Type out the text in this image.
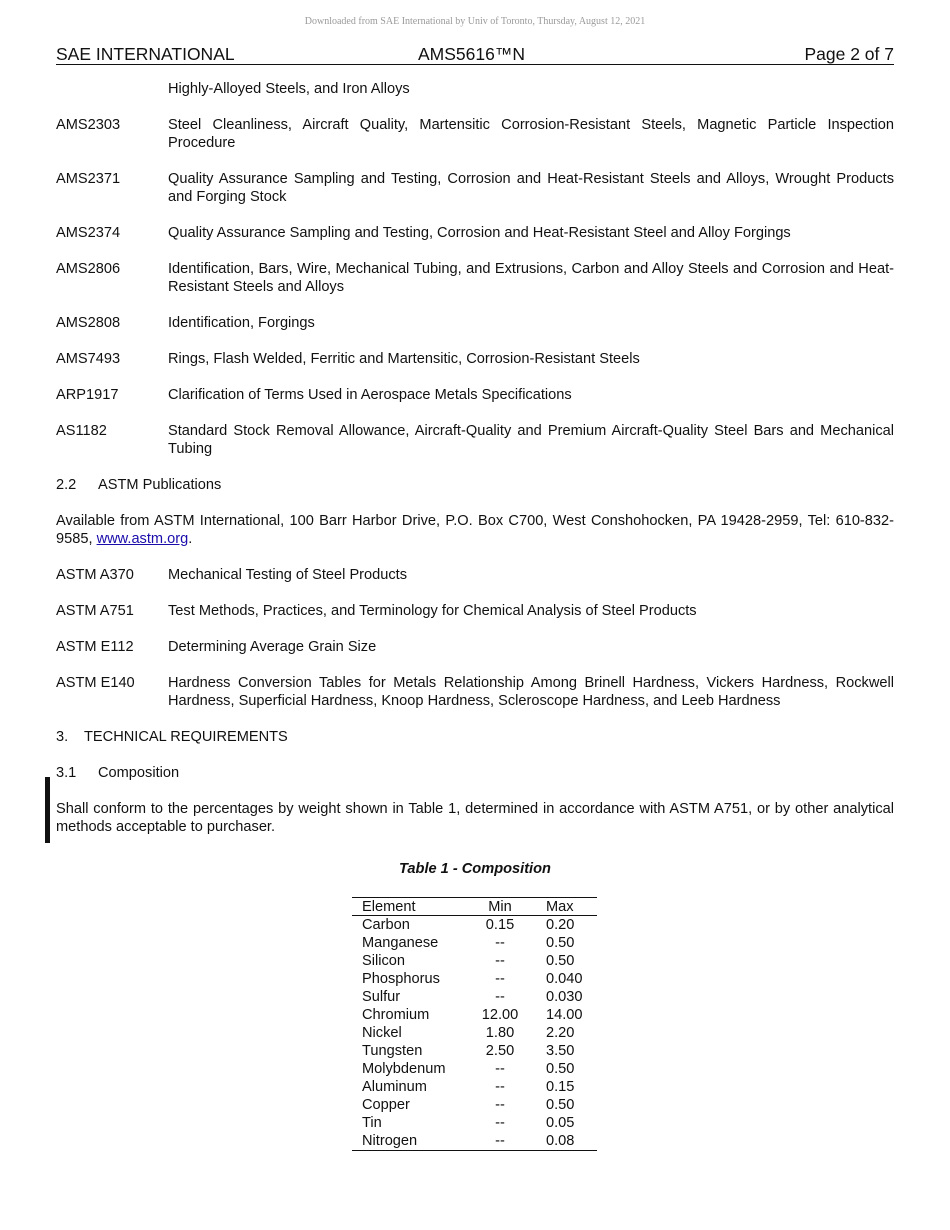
Downloaded from SAE International by Univ of Toronto, Thursday, August 12, 2021
SAE INTERNATIONAL	AMS5616™N	Page 2 of 7
Highly-Alloyed Steels, and Iron Alloys
AMS2303	Steel Cleanliness, Aircraft Quality, Martensitic Corrosion-Resistant Steels, Magnetic Particle Inspection Procedure
AMS2371	Quality Assurance Sampling and Testing, Corrosion and Heat-Resistant Steels and Alloys, Wrought Products and Forging Stock
AMS2374	Quality Assurance Sampling and Testing, Corrosion and Heat-Resistant Steel and Alloy Forgings
AMS2806	Identification, Bars, Wire, Mechanical Tubing, and Extrusions, Carbon and Alloy Steels and Corrosion and Heat-Resistant Steels and Alloys
AMS2808	Identification, Forgings
AMS7493	Rings, Flash Welded, Ferritic and Martensitic, Corrosion-Resistant Steels
ARP1917	Clarification of Terms Used in Aerospace Metals Specifications
AS1182	Standard Stock Removal Allowance, Aircraft-Quality and Premium Aircraft-Quality Steel Bars and Mechanical Tubing
2.2 ASTM Publications
Available from ASTM International, 100 Barr Harbor Drive, P.O. Box C700, West Conshohocken, PA 19428-2959, Tel: 610-832-9585, www.astm.org.
ASTM A370 Mechanical Testing of Steel Products
ASTM A751 Test Methods, Practices, and Terminology for Chemical Analysis of Steel Products
ASTM E112 Determining Average Grain Size
ASTM E140 Hardness Conversion Tables for Metals Relationship Among Brinell Hardness, Vickers Hardness, Rockwell Hardness, Superficial Hardness, Knoop Hardness, Scleroscope Hardness, and Leeb Hardness
3. TECHNICAL REQUIREMENTS
3.1 Composition
Shall conform to the percentages by weight shown in Table 1, determined in accordance with ASTM A751, or by other analytical methods acceptable to purchaser.
Table 1 - Composition
Element	Min	Max
Carbon	0.15	0.20
Manganese	--	0.50
Silicon	--	0.50
Phosphorus	--	0.040
Sulfur	--	0.030
Chromium	12.00	14.00
Nickel	1.80	2.20
Tungsten	2.50	3.50
Molybdenum	--	0.50
Aluminum	--	0.15
Copper	--	0.50
Tin	--	0.05
Nitrogen	--	0.08
